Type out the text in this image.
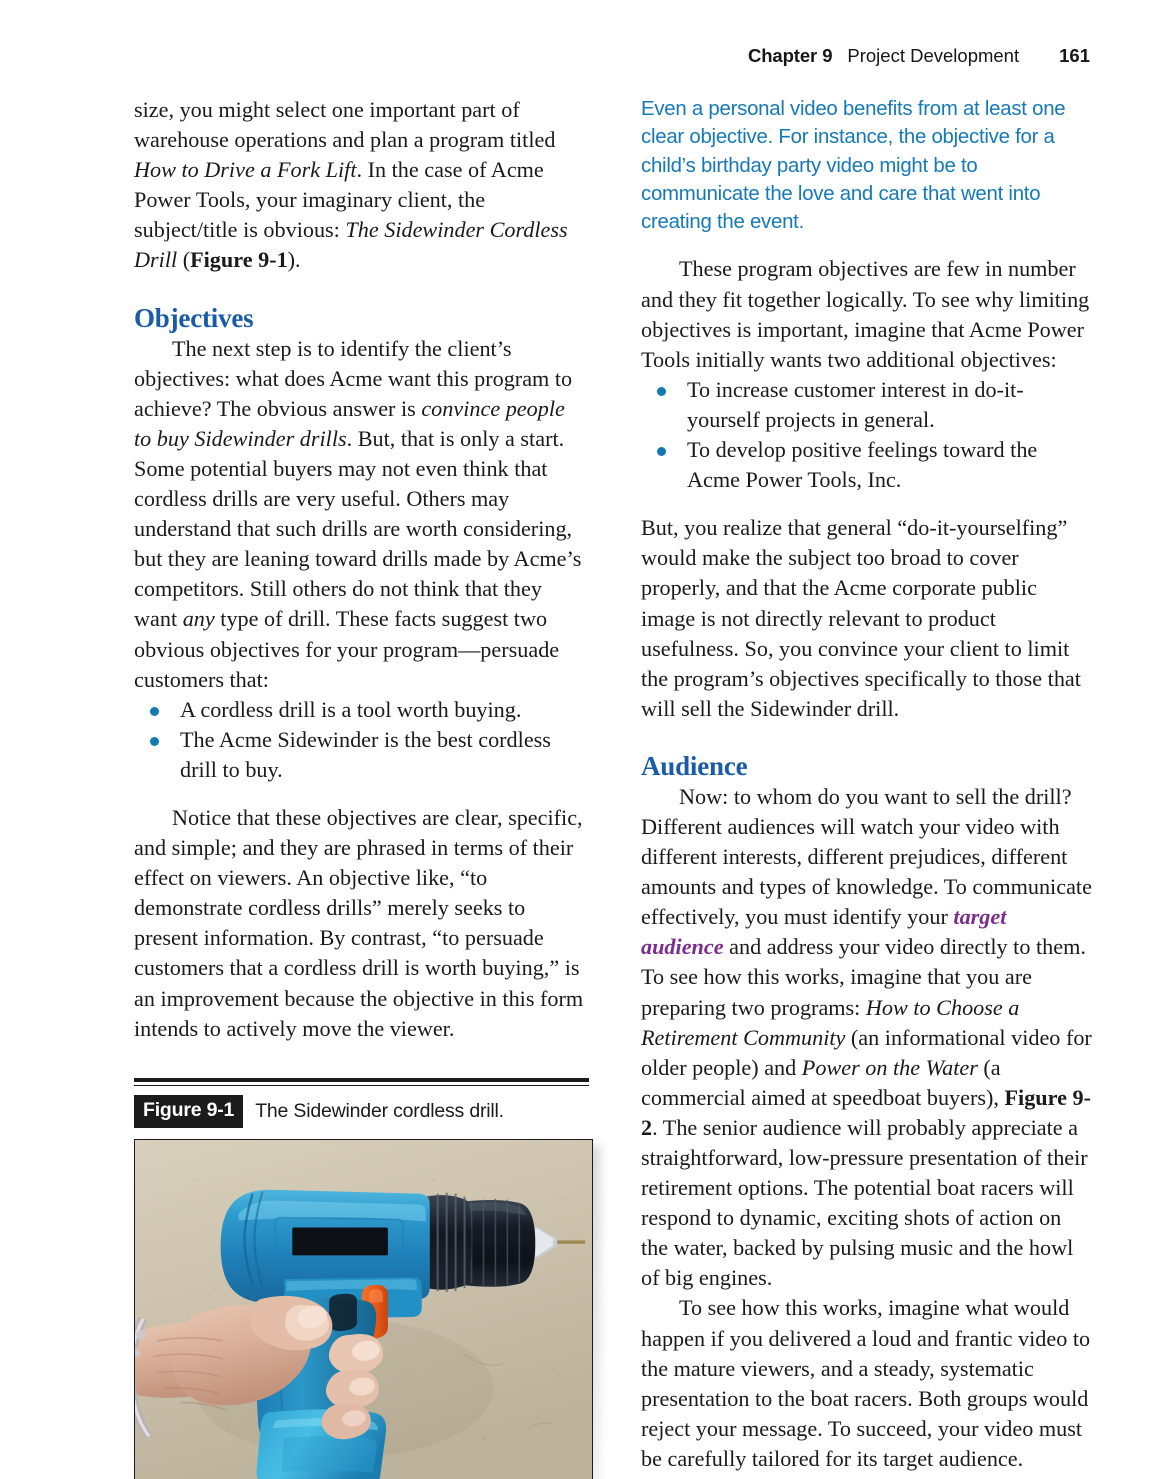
Chapter 9 Project Development 161

size, you might select one important part of warehouse operations and plan a program titled How to Drive a Fork Lift. In the case of Acme Power Tools, your imaginary client, the subject/title is obvious: The Sidewinder Cordless Drill (Figure 9-1).

Objectives

The next step is to identify the client’s objectives: what does Acme want this program to achieve? The obvious answer is convince people to buy Sidewinder drills. But, that is only a start. Some potential buyers may not even think that cordless drills are very useful. Others may understand that such drills are worth considering, but they are leaning toward drills made by Acme’s competitors. Still others do not think that they want any type of drill. These facts suggest two obvious objectives for your program—persuade customers that:

A cordless drill is a tool worth buying.
The Acme Sidewinder is the best cordless drill to buy.

Notice that these objectives are clear, specific, and simple; and they are phrased in terms of their effect on viewers. An objective like, “to demonstrate cordless drills” merely seeks to present information. By contrast, “to persuade customers that a cordless drill is worth buying,” is an improvement because the objective in this form intends to actively move the viewer.

Figure 9-1	The Sidewinder cordless drill.

Even a personal video benefits from at least one clear objective. For instance, the objective for a child’s birthday party video might be to communicate the love and care that went into creating the event.

These program objectives are few in number and they fit together logically. To see why limiting objectives is important, imagine that Acme Power Tools initially wants two additional objectives:

To increase customer interest in do-it-yourself projects in general.
To develop positive feelings toward the Acme Power Tools, Inc.

But, you realize that general “do-it-yourselfing” would make the subject too broad to cover properly, and that the Acme corporate public image is not directly relevant to product usefulness. So, you convince your client to limit the program’s objectives specifically to those that will sell the Sidewinder drill.

Audience

Now: to whom do you want to sell the drill? Different audiences will watch your video with different interests, different prejudices, different amounts and types of knowledge. To communicate effectively, you must identify your target audience and address your video directly to them. To see how this works, imagine that you are preparing two programs: How to Choose a Retirement Community (an informational video for older people) and Power on the Water (a commercial aimed at speedboat buyers), Figure 9-2. The senior audience will probably appreciate a straightforward, low-pressure presentation of their retirement options. The potential boat racers will respond to dynamic, exciting shots of action on the water, backed by pulsing music and the howl of big engines.

To see how this works, imagine what would happen if you delivered a loud and frantic video to the mature viewers, and a steady, systematic presentation to the boat racers. Both groups would reject your message. To succeed, your video must be carefully tailored for its target audience.
